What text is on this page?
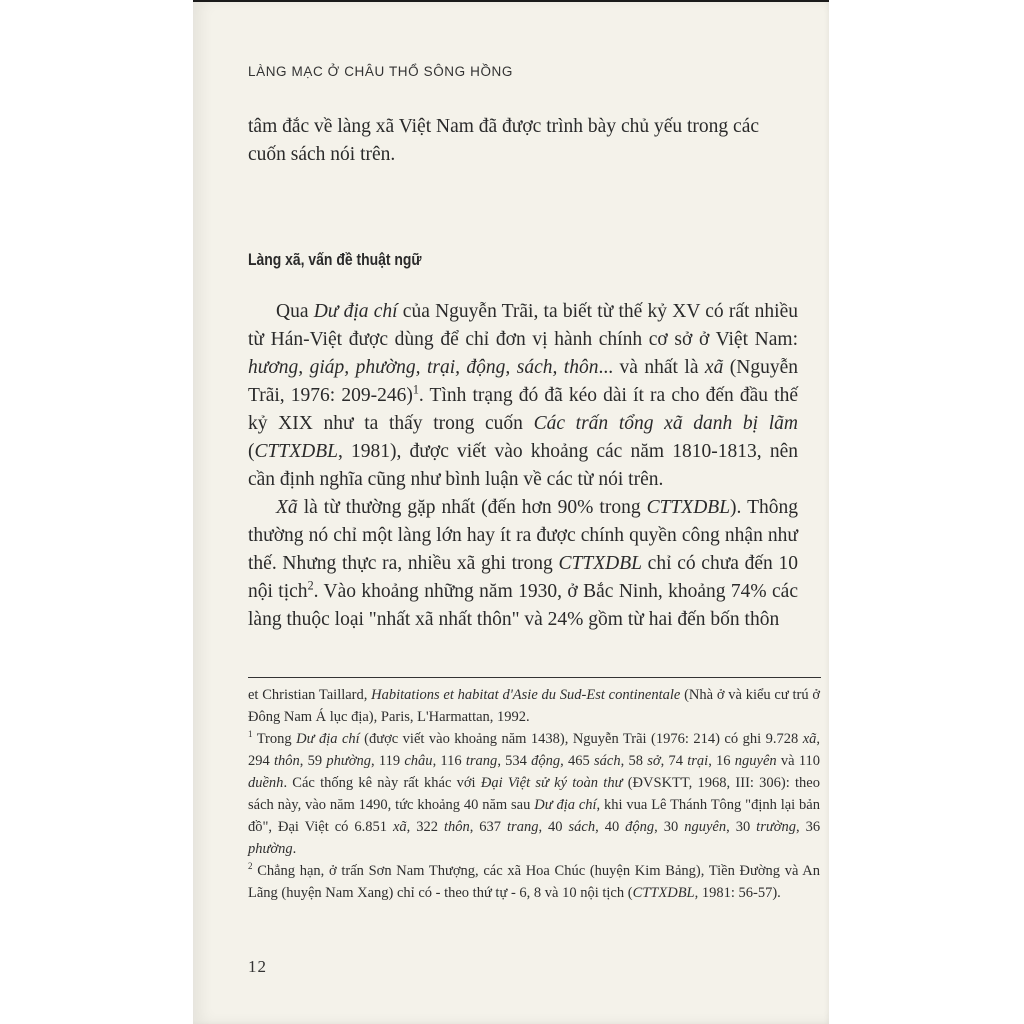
LÀNG MẠC Ở CHÂU THỔ SÔNG HỒNG
tâm đắc về làng xã Việt Nam đã được trình bày chủ yếu trong các cuốn sách nói trên.
Làng xã, vấn đề thuật ngữ

Qua Dư địa chí của Nguyễn Trãi, ta biết từ thế kỷ XV có rất nhiều từ Hán-Việt được dùng để chỉ đơn vị hành chính cơ sở ở Việt Nam: hương, giáp, phường, trại, động, sách, thôn... và nhất là xã (Nguyễn Trãi, 1976: 209-246)$^1$. Tình trạng đó đã kéo dài ít ra cho đến đầu thế kỷ XIX như ta thấy trong cuốn Các trấn tổng xã danh bị lãm (CTTXDBL, 1981), được viết vào khoảng các năm 1810-1813, nên cần định nghĩa cũng như bình luận về các từ nói trên.

Xã là từ thường gặp nhất (đến hơn 90% trong CTTXDBL). Thông thường nó chỉ một làng lớn hay ít ra được chính quyền công nhận như thế. Nhưng thực ra, nhiều xã ghi trong CTTXDBL chỉ có chưa đến 10 nội tịch$^2$. Vào khoảng những năm 1930, ở Bắc Ninh, khoảng 74% các làng thuộc loại "nhất xã nhất thôn" và 24% gồm từ hai đến bốn thôn

et Christian Taillard, Habitations et habitat d'Asie du Sud-Est continentale (Nhà ở và kiểu cư trú ở Đông Nam Á lục địa), Paris, L'Harmattan, 1992.

$^1$ Trong Dư địa chí (được viết vào khoảng năm 1438), Nguyễn Trãi (1976: 214) có ghi 9.728 xã, 294 thôn, 59 phường, 119 châu, 116 trang, 534 động, 465 sách, 58 sở, 74 trại, 16 nguyên và 110 duềnh. Các thống kê này rất khác với Đại Việt sử ký toàn thư (ĐVSKTT, 1968, III: 306): theo sách này, vào năm 1490, tức khoảng 40 năm sau Dư địa chí, khi vua Lê Thánh Tông "định lại bản đồ", Đại Việt có 6.851 xã, 322 thôn, 637 trang, 40 sách, 40 động, 30 nguyên, 30 trường, 36 phường.

$^2$ Chẳng hạn, ở trấn Sơn Nam Thượng, các xã Hoa Chúc (huyện Kim Bảng), Tiền Đường và An Lãng (huyện Nam Xang) chỉ có - theo thứ tự - 6, 8 và 10 nội tịch (CTTXDBL, 1981: 56-57).

12
